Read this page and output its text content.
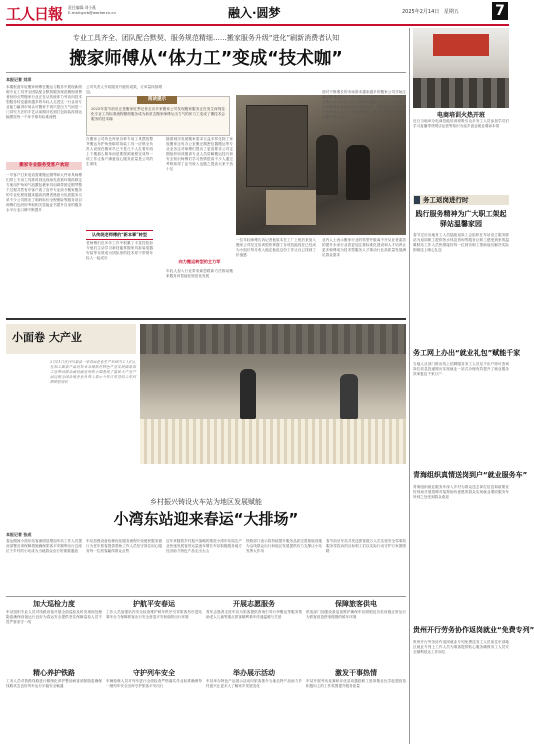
工人日報 责任编辑:刘小燕
E-mail:grrb@workercn.cn	融入·圆梦	2025年2月14日 星期五	7
专业工具齐全、团队配合默契、服务规范精细……搬家服务升级“进化”刷新消费者认知
搬家师傅从“体力工”变成“技术咖”
本报记者 刘洋
本期报道年轻搬家师傅在搬运与服务中展现新面貌专业工具齐全团队配合默契服务规范精细消费者纷纷点赞搬家行业正在从传统体力劳动向技术型服务转变越来越多的年轻人走进这一行业用专业能力赢得市场认可搬家不再只是出力气而是一门讲究方法的手艺从前期评估到打包拆装再到运输摆放每一个环节都有标准流程
搬家专业服务受客户欢迎
一早客户打来电话需要搬运钢琴和大件家具师傅们带上专用工具准时到达现场先查看环境再制定方案用护角和气泡膜包裹家具用绑带固定钢琴整个过程井然有序客户看了直夸专业如今搬家服务的专业化程度越来越高消费者愿意为优质服务买单不少公司推出了明码标价全程保险等服务项目师傅们也纷纷考取相关技能证书提升自身的服务水平行业口碑不断提升
公司负责人介绍服务升级的成果，订单量持续增加。
阅读提示
2025年春节前后正是搬家旺季记者走访多家搬家公司发现搬家服务正在发生深刻变化专业工具标准流程精细服务成为新常态搬家师傅从出力气的体力工变成了懂技术会服务的技术咖
在搬家公司的仓库里各种专用工具摆放整齐搬运车护角垫绑带拆装工具一应俱全负责人说现在搬家早已不是几个人扛着东西上下楼那么简单而是要按照流程完成每一项工作让客户满意放心服务质量是公司的生命线
认传统老师傅的“新本事”转型
老师傅们在多年工作中积累了丰富经验如今他们主动学习新技能掌握家具拆装电器安装等本领成为团队里的技术骨干带领年轻人一起成长
随着城市发展搬家需求日益多样化除了家庭搬家还有办公室搬迁精密仪器搬运等专业业务这对师傅们提出了更高要求公司定期组织培训邀请专业人员讲解搬运技巧和安全知识师傅们学习热情很高不少人通过考核取得了证书收入也随之提高大家干劲十足
向力搬运转型的主力军
年轻人加入行业带来新思路新方法推动搬家服务向智能化规范化发展
一位年轻师傅告诉记者他原本在工厂上班后来加入搬家公司经过培训很快掌握了各项技能现在已经成为小组长每月收入稳定他说这份工作让自己找到了价值感
业内人士表示搬家行业的转型升级离不开从业者素质的提升未来行业将更加注重标准化建设和人才培养让更多师傅成为技术型服务人才推动行业高质量发展满足群众需求
面对不断增长的市场需求越来越多的搬家公司开始注重品牌建设推出个性化服务方案从预约上门评估到打包搬运再到清洁归位全部流程透明公开客户可以通过手机随时查看服务进度师傅们统一着装持证上岗让客户更加放心也让行业形象焕然一新不少消费者表示现在搬家省心多了
小面卷 大产业
2月11日在四川某县一家食品企业生产车间内工人们正在加工面条产品近年来当地依托特色产业发展面条加工业带动群众就近就业增收小面卷成了富民大产业产品远销全国各地企业负责人表示今年订单量较去年同期明显增长
乡村振兴铸设火车站为地区发展赋能
小湾东站迎来春运“大排场”
本报记者 张成
春运期间小湾东站客流明显增加车站工作人员提前部署各项保障措施确保旅客平安顺利出行这座位于乡村的小站成为当地群众出行的重要通道
车站加强设备检修优化服务流程开设便民服务窗口为老年旅客提供帮助工作人员坚守岗位用心服务每一位旅客赢得群众点赞
近年来随着乡村振兴战略的推进小湾东站周边产业快速发展客货运量逐年增长车站积极服务地方经济助力特色产品走出大山
铁路部门表示将持续提升服务品质完善基础设施为沿线群众出行和地区发展提供有力支撑让小站发挥大作用
春节前后车站共发送旅客数万人次实现安全零事故服务零投诉的目标职工们以实际行动守护万家团圆路
加大巡检力度
车站组织专业人员对线路设备开展全面巡检及时发现和处理隐患确保设备运行良好为春运安全提供坚实保障巡检人员不畏严寒坚守一线
护航平安春运
工作人员加强站内安全检查维护候车秩序引导旅客有序进站乘车全力保障旅客出行安全营造平安和谐的出行环境
开展志愿服务
青年志愿者走进车站为旅客提供咨询引导行李搬运等服务帮助老人儿童等重点旅客顺利乘车传递温暖与关爱
保障旅客供电
供电部门加强设备巡视维护确保车站照明及各类设施正常运行为旅客营造舒适便捷的候车环境
精心养护铁路
工务人员对铁路线路进行精细化养护整治病害消除隐患确保线路状态良好列车运行平稳安全畅通
守护列车安全
车辆检修人员对列车进行全面检查严格落实作业标准确保每一趟列车安全出库守护旅客平安出行
举办展示活动
车站举办特色产品展示活动向旅客推介当地农特产品助力乡村振兴让更多人了解家乡发展变化
激发干事热情
车站开展劳动竞赛和评优活动激励职工爱岗敬业比学赶超营造积极向上的工作氛围提升服务质量
电商培训火热开班
近日当地举办电商技能培训班吸引众多务工人员参加学员们学习直播带货网店运营等知识为返乡创业就业增添本领
务工返岗进行时
践行服务精神为广大职工架起驿站温馨家园
春节过后各地务工人员陆续返岗工会组织在车站设立服务驿站为返岗职工提供热水休息咨询等服务让职工感受到家的温暖驿站工作人员热情接待每一位到访职工帮助他们解决实际困难送上暖心礼包
务工网上办出“就业礼包”赋能千家
当地人社部门推出线上招聘服务务工人员足不出户即可查询岗位信息投递简历实现就业一站式办理有效提升了就业服务效率惠及千家万户
青海组织真情送岗到户“就业服务车”
青海组织就业服务车深入乡村为群众送去岗位信息和政策宣传现场开展招聘对接帮助有意愿的群众实现就业增收服务车所到之处受到群众欢迎
贵州开行劳务协作返岗就业“免费专列”
贵州开行劳务协作返岗就业专列免费送务工人员前往东部地区就业专列上工作人员为乘客提供贴心服务确保务工人员安全顺利抵达工作岗位
